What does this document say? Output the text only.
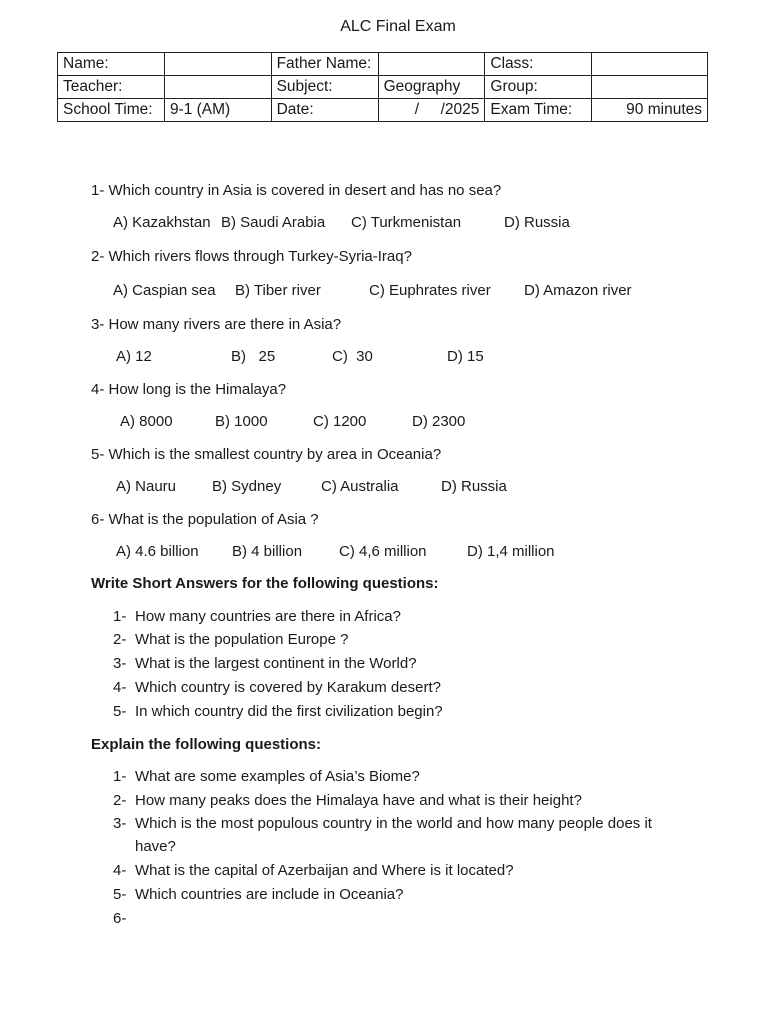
ALC Final Exam
Name:		Father Name:		Class:	
Teacher:		Subject:	Geography	Group:	
School Time:	9-1 (AM)	Date:	/     /2025	Exam Time:	90 minutes
1- Which country in Asia is covered in desert and has no sea?
A) Kazakhstan B) Saudi Arabia C) Turkmenistan	D) Russia
2- Which rivers flows through Turkey-Syria-Iraq?
A) Caspian sea B) Tiber river	C) Euphrates river D) Amazon river
3- How many rivers are there in Asia?
A) 12	B)   25	C)  30	D) 15
4- How long is the Himalaya?
A) 8000	B) 1000	C) 1200	D) 2300
5- Which is the smallest country by area in Oceania?
A) Nauru B) Sydney	C) Australia	D) Russia
6- What is the population of Asia ?
A) 4.6 billion B) 4 billion C) 4,6 million	D) 1,4 million
Write Short Answers for the following questions:
1- How many countries are there in Africa?
2- What is the population Europe ?
3- What is the largest continent in the World?
4- Which country is covered by Karakum desert?
5- In which country did the first civilization begin?
Explain the following questions:
1- What are some examples of Asia’s Biome?
2- How many peaks does the Himalaya have and what is their height?
3- Which is the most populous country in the world and how many people does it
have?
4- What is the capital of Azerbaijan and Where is it located?
5- Which countries are include in Oceania?
6-
